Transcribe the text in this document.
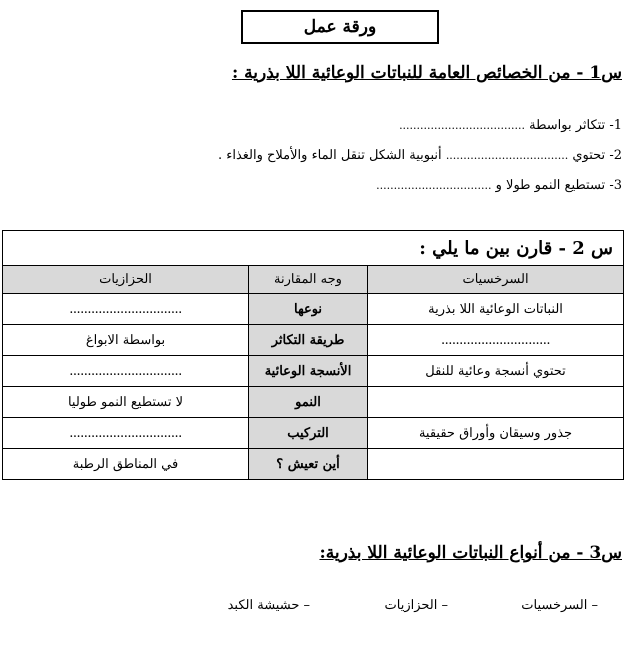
ورقة عمل
س1 - من الخصائص العامة للنباتات الوعائية اللا بذرية :
1- تتكاثر بواسطة ....................................
2- تحتوي ................................... أنبوبية الشكل تنقل الماء والأملاح والغذاء .
3- تستطيع النمو طولا و .................................
س 2 - قارن بين ما يلي :		
السرخسيات	وجه المقارنة	الحزازيات
النباتات الوعائية اللا بذرية	نوعها	...............................
..............................	طريقة التكاثر	بواسطة الابواغ
تحتوي أنسجة وعائية للنقل	الأنسجة الوعائية	...............................
	النمو	لا تستطيع النمو طوليا
جذور وسيقان وأوراق حقيقية	التركيب	...............................
	أين تعيش ؟	في المناطق الرطبة
س3 - من أنواع النباتات الوعائية اللا بذرية:
– السرخسيات
– الحزازيات
– حشيشة الكبد
